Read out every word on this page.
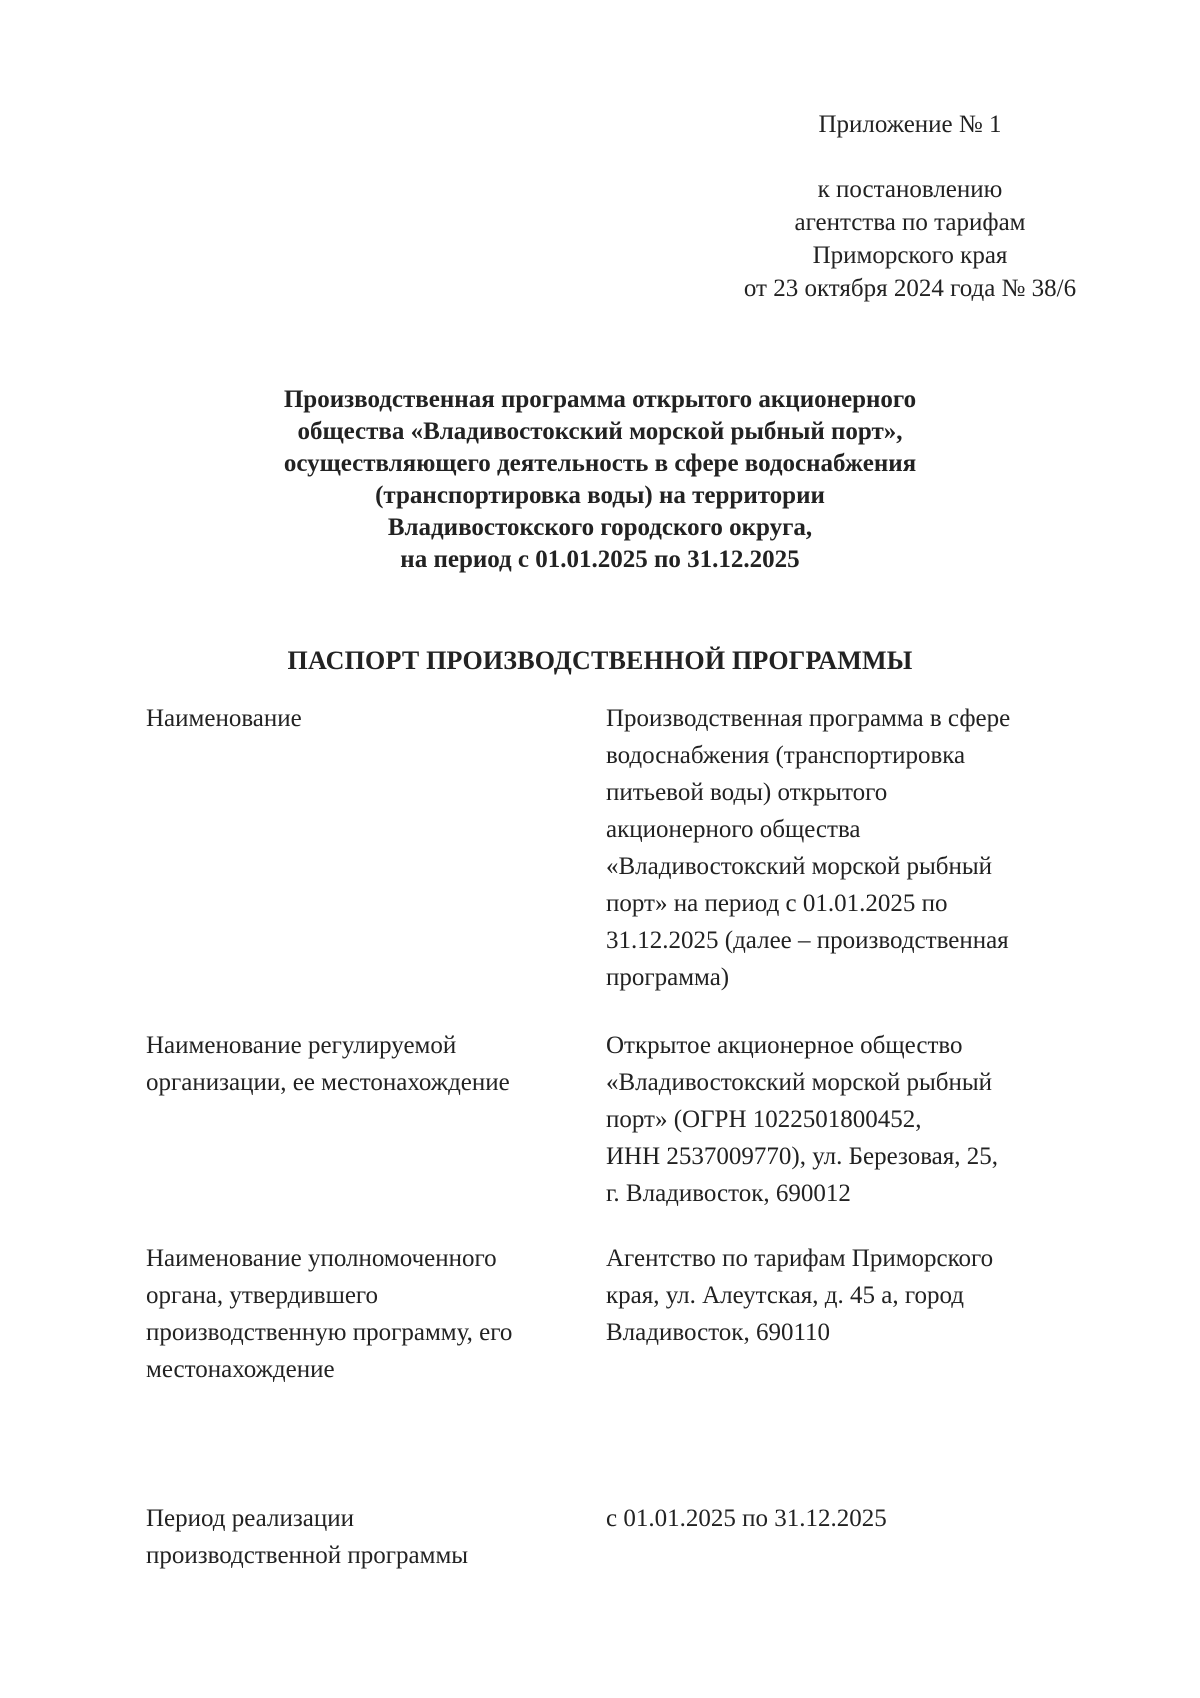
Приложение № 1
к постановлению
агентства по тарифам
Приморского края
от 23 октября 2024 года № 38/6
Производственная программа открытого акционерного
общества «Владивостокский морской рыбный порт»,
осуществляющего деятельность в сфере водоснабжения
(транспортировка воды) на территории
Владивостокского городского округа,
на период с 01.01.2025 по 31.12.2025
ПАСПОРТ ПРОИЗВОДСТВЕННОЙ ПРОГРАММЫ
Наименование	Производственная программа в сфере
водоснабжения (транспортировка
питьевой воды) открытого
акционерного общества
«Владивостокский морской рыбный
порт» на период с 01.01.2025 по
31.12.2025 (далее – производственная
программа)
Наименование регулируемой
организации, ее местонахождение
Открытое акционерное общество
«Владивостокский морской рыбный
порт» (ОГРН 1022501800452,
ИНН 2537009770), ул. Березовая, 25,
г. Владивосток, 690012
Наименование уполномоченного
органа, утвердившего
производственную программу, его
местонахождение
Агентство по тарифам Приморского
края, ул. Алеутская, д. 45 а, город
Владивосток, 690110
Период реализации
производственной программы
с 01.01.2025 по 31.12.2025
